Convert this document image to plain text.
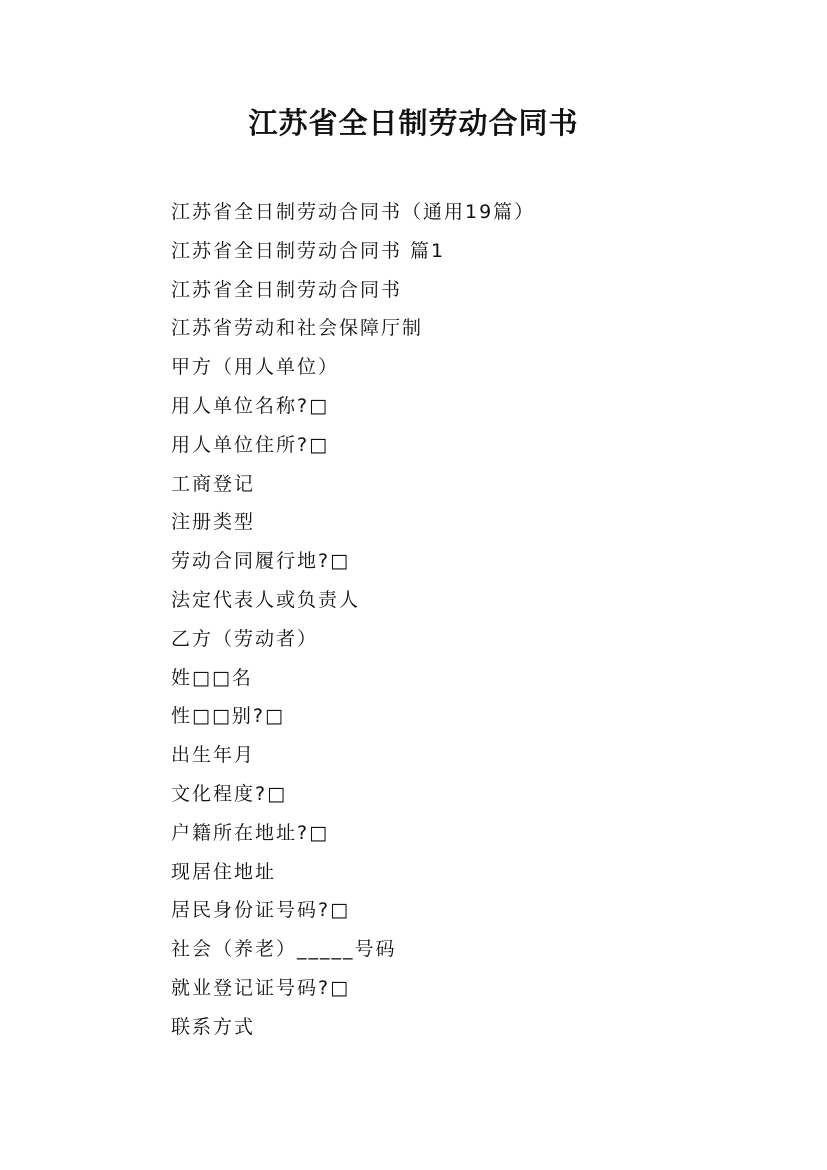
江苏省全日制劳动合同书
江苏省全日制劳动合同书（通用19篇）
江苏省全日制劳动合同书 篇1
江苏省全日制劳动合同书
江苏省劳动和社会保障厅制
甲方（用人单位）
用人单位名称?□
用人单位住所?□
工商登记
注册类型
劳动合同履行地?□
法定代表人或负责人
乙方（劳动者）
姓□□名
性□□别?□
出生年月
文化程度?□
户籍所在地址?□
现居住地址
居民身份证号码?□
社会（养老）_____号码
就业登记证号码?□
联系方式
